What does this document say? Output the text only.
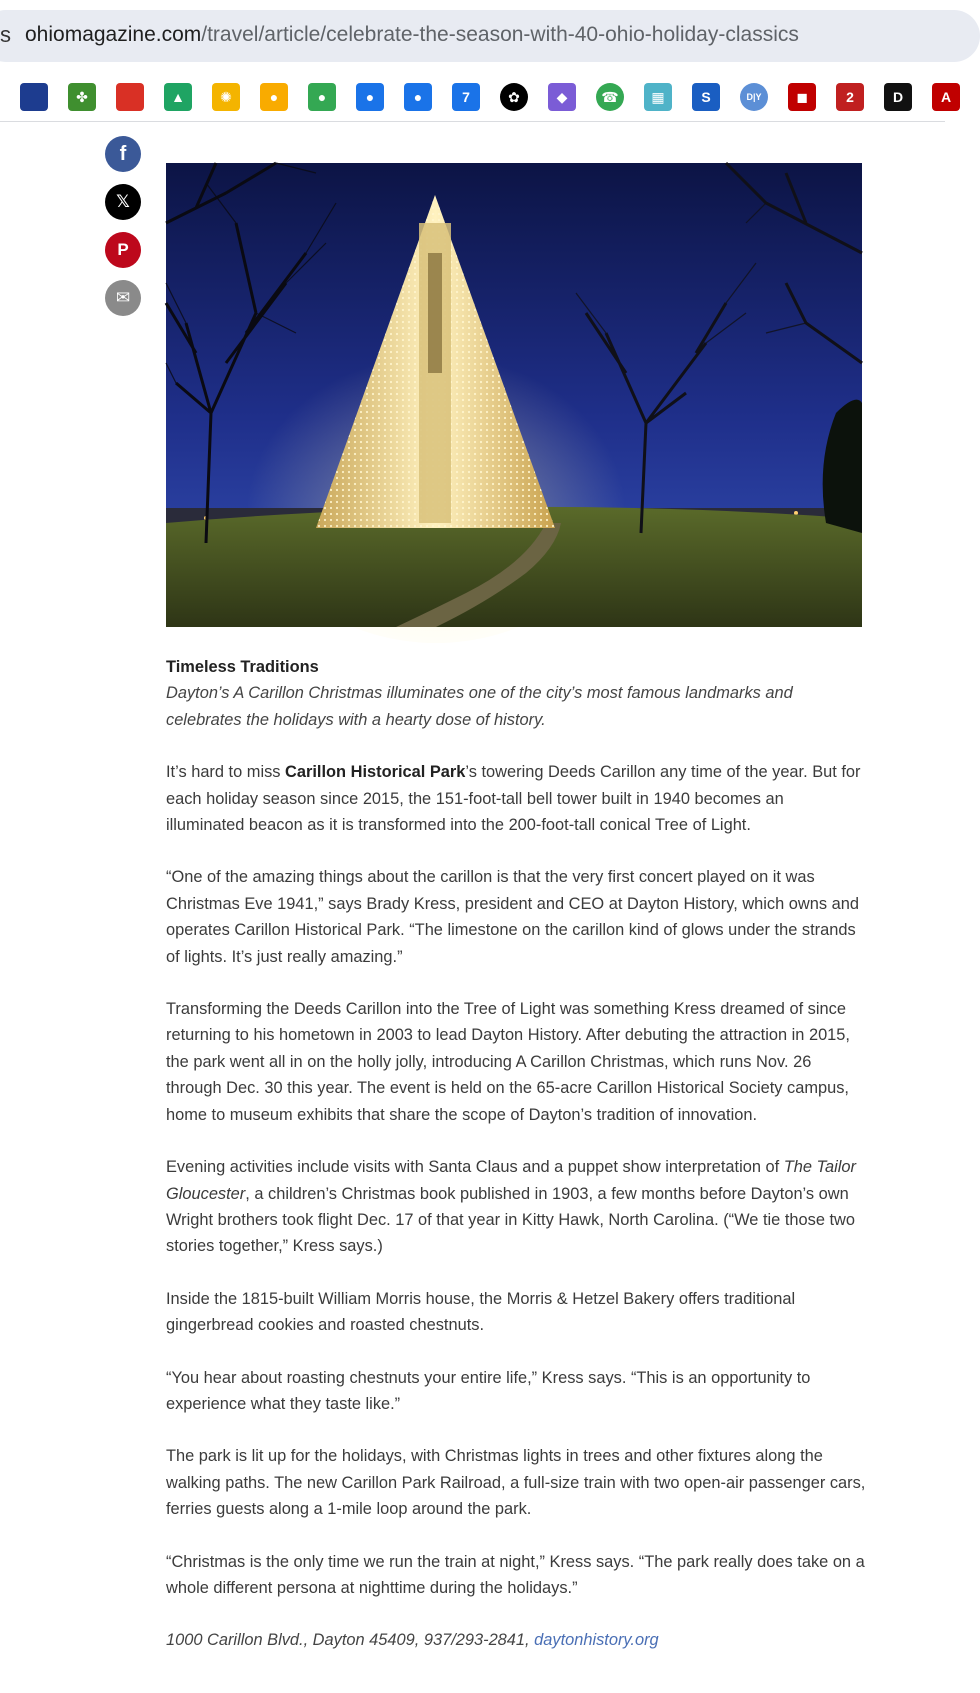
s ohiomagazine.com/travel/article/celebrate-the-season-with-40-ohio-holiday-classics
✤	▲	✺	●	●	●	●	7	✿	◆	☎	▦	S	D|Y	◼	2	D	A
f
𝕏
P
✉
Timeless Traditions
Dayton’s A Carillon Christmas illuminates one of the city’s most famous landmarks and celebrates the holidays with a hearty dose of history.

It’s hard to miss Carillon Historical Park’s towering Deeds Carillon any time of the year. But for each holiday season since 2015, the 151-foot-tall bell tower built in 1940 becomes an illuminated beacon as it is transformed into the 200-foot-tall conical Tree of Light.

“One of the amazing things about the carillon is that the very first concert played on it was Christmas Eve 1941,” says Brady Kress, president and CEO at Dayton History, which owns and operates Carillon Historical Park. “The limestone on the carillon kind of glows under the strands of lights. It’s just really amazing.”

Transforming the Deeds Carillon into the Tree of Light was something Kress dreamed of since returning to his hometown in 2003 to lead Dayton History. After debuting the attraction in 2015, the park went all in on the holly jolly, introducing A Carillon Christmas, which runs Nov. 26 through Dec. 30 this year. The event is held on the 65-acre Carillon Historical Society campus, home to museum exhibits that share the scope of Dayton’s tradition of innovation.

Evening activities include visits with Santa Claus and a puppet show interpretation of The Tailor Gloucester, a children’s Christmas book published in 1903, a few months before Dayton’s own Wright brothers took flight Dec. 17 of that year in Kitty Hawk, North Carolina. (“We tie those two stories together,” Kress says.)

Inside the 1815-built William Morris house, the Morris & Hetzel Bakery offers traditional gingerbread cookies and roasted chestnuts.

“You hear about roasting chestnuts your entire life,” Kress says. “This is an opportunity to experience what they taste like.”

The park is lit up for the holidays, with Christmas lights in trees and other fixtures along the walking paths. The new Carillon Park Railroad, a full-size train with two open-air passenger cars, ferries guests along a 1-mile loop around the park.

“Christmas is the only time we run the train at night,” Kress says. “The park really does take on a whole different persona at nighttime during the holidays.”

1000 Carillon Blvd., Dayton 45409, 937/293-2841, daytonhistory.org
